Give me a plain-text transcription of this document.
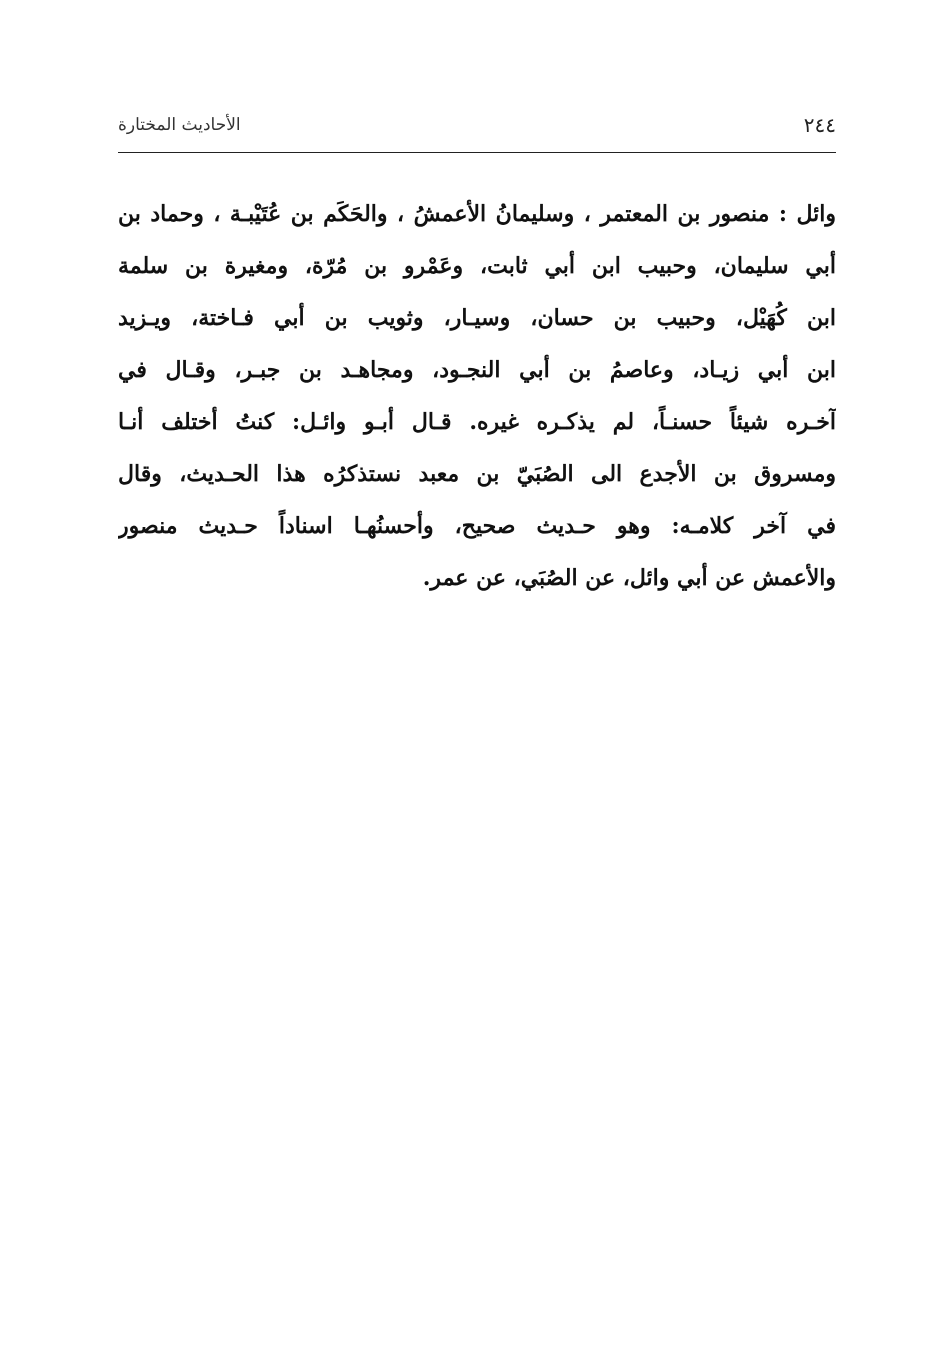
٢٤٤
الأحاديث المختارة
وائل : منصور بن المعتمر ، وسليمانُ الأعمشُ ، والحَكَم بن عُتَيْبـة ، وحماد بن
أبي سليمان، وحبيب ابن أبي ثابت، وعَمْرو بن مُرّة، ومغيرة بن سلمة
ابن كُهَيْل، وحبيب بن حسان، وسيـار، وثويب بن أبي فـاختة، ويـزيد
ابن أبي زيـاد، وعاصمُ بن أبي النجـود، ومجاهـد بن جبـر، وقـال في
آخـره شيئاً حسنـاً، لم يذكـره غيره. قـال أبـو وائـل: كنتُ أختلف أنـا
ومسروق بن الأجدع الى الصُبَيّ بن معبد نستذكرُه هذا الحـديث، وقال
في آخر كلامـه: وهو حـديث صحيح، وأحسنُهـا اسناداً حـديث منصور
والأعمش عن أبي وائل، عن الصُبَي، عن عمر.
